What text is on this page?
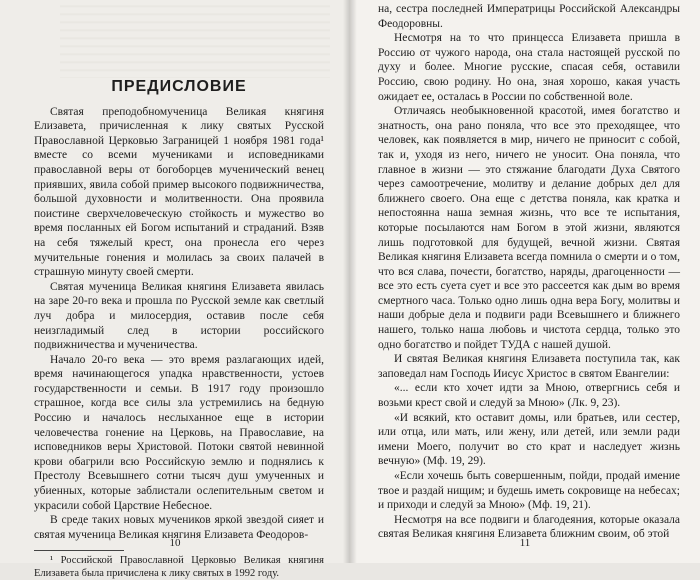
ПРЕДИСЛОВИЕ

Святая преподобномученица Великая княгиня Елизавета, причисленная к лику святых Русской Православной Церковью Заграницей 1 ноября 1981 года¹ вместе со всеми мучениками и исповедниками православной веры от богоборцев мученический венец приявших, явила собой пример высокого подвижничества, большой духовности и молитвенности. Она проявила поистине сверхчеловеческую стойкость и мужество во время посланных ей Богом испытаний и страданий. Взяв на себя тяжелый крест, она пронесла его через мучительные гонения и молилась за своих палачей в страшную минуту своей смерти.

Святая мученица Великая княгиня Елизавета явилась на заре 20-го века и прошла по Русской земле как светлый луч добра и милосердия, оставив после себя неизгладимый след в истории российского подвижничества и мученичества.

Начало 20-го века — это время разлагающих идей, время начинающегося упадка нравственности, устоев государственности и семьи. В 1917 году произошло страшное, когда все силы зла устремились на бедную Россию и началось неслыханное еще в истории человечества гонение на Церковь, на Православие, на исповедников веры Христовой. Потоки святой невинной крови обагрили всю Российскую землю и поднялись к Престолу Всевышнего сотни тысяч душ умученных и убиенных, которые заблистали ослепительным светом и украсили собой Царствие Небесное.

В среде таких новых мучеников яркой звездой сияет и святая мученица Великая княгиня Елизавета Феодоров-

¹ Российской Православной Церковью Великая княгиня Елизавета была причислена к лику святых в 1992 году.

10

на, сестра последней Императрицы Российской Александры Феодоровны.

Несмотря на то что принцесса Елизавета пришла в Россию от чужого народа, она стала настоящей русской по духу и более. Многие русские, спасая себя, оставили Россию, свою родину. Но она, зная хорошо, какая участь ожидает ее, осталась в России по собственной воле.

Отличаясь необыкновенной красотой, имея богатство и знатность, она рано поняла, что все это преходящее, что человек, как появляется в мир, ничего не приносит с собой, так и, уходя из него, ничего не уносит. Она поняла, что главное в жизни — это стяжание благодати Духа Святого через самоотречение, молитву и делание добрых дел для ближнего своего. Она еще с детства поняла, как кратка и непостоянна наша земная жизнь, что все те испытания, которые посылаются нам Богом в этой жизни, являются лишь подготовкой для будущей, вечной жизни. Святая Великая княгиня Елизавета всегда помнила о смерти и о том, что вся слава, почести, богатство, наряды, драгоценности — все это есть суета сует и все это рассеется как дым во время смертного часа. Только одно лишь одна вера Богу, молитвы и наши добрые дела и подвиги ради Всевышнего и ближнего нашего, только наша любовь и чистота сердца, только это одно богатство и пойдет ТУДА с нашей душой.

И святая Великая княгиня Елизавета поступила так, как заповедал нам Господь Иисус Христос в святом Евангелии:

«... если кто хочет идти за Мною, отвергнись себя и возьми крест свой и следуй за Мною» (Лк. 9, 23).

«И всякий, кто оставит домы, или братьев, или сестер, или отца, или мать, или жену, или детей, или земли ради имени Моего, получит во сто крат и наследует жизнь вечную» (Мф. 19, 29).

«Если хочешь быть совершенным, пойди, продай имение твое и раздай нищим; и будешь иметь сокровище на небесах; и приходи и следуй за Мною» (Мф. 19, 21).

Несмотря на все подвиги и благодеяния, которые оказала святая Великая княгиня Елизавета ближним своим, об этой

11
